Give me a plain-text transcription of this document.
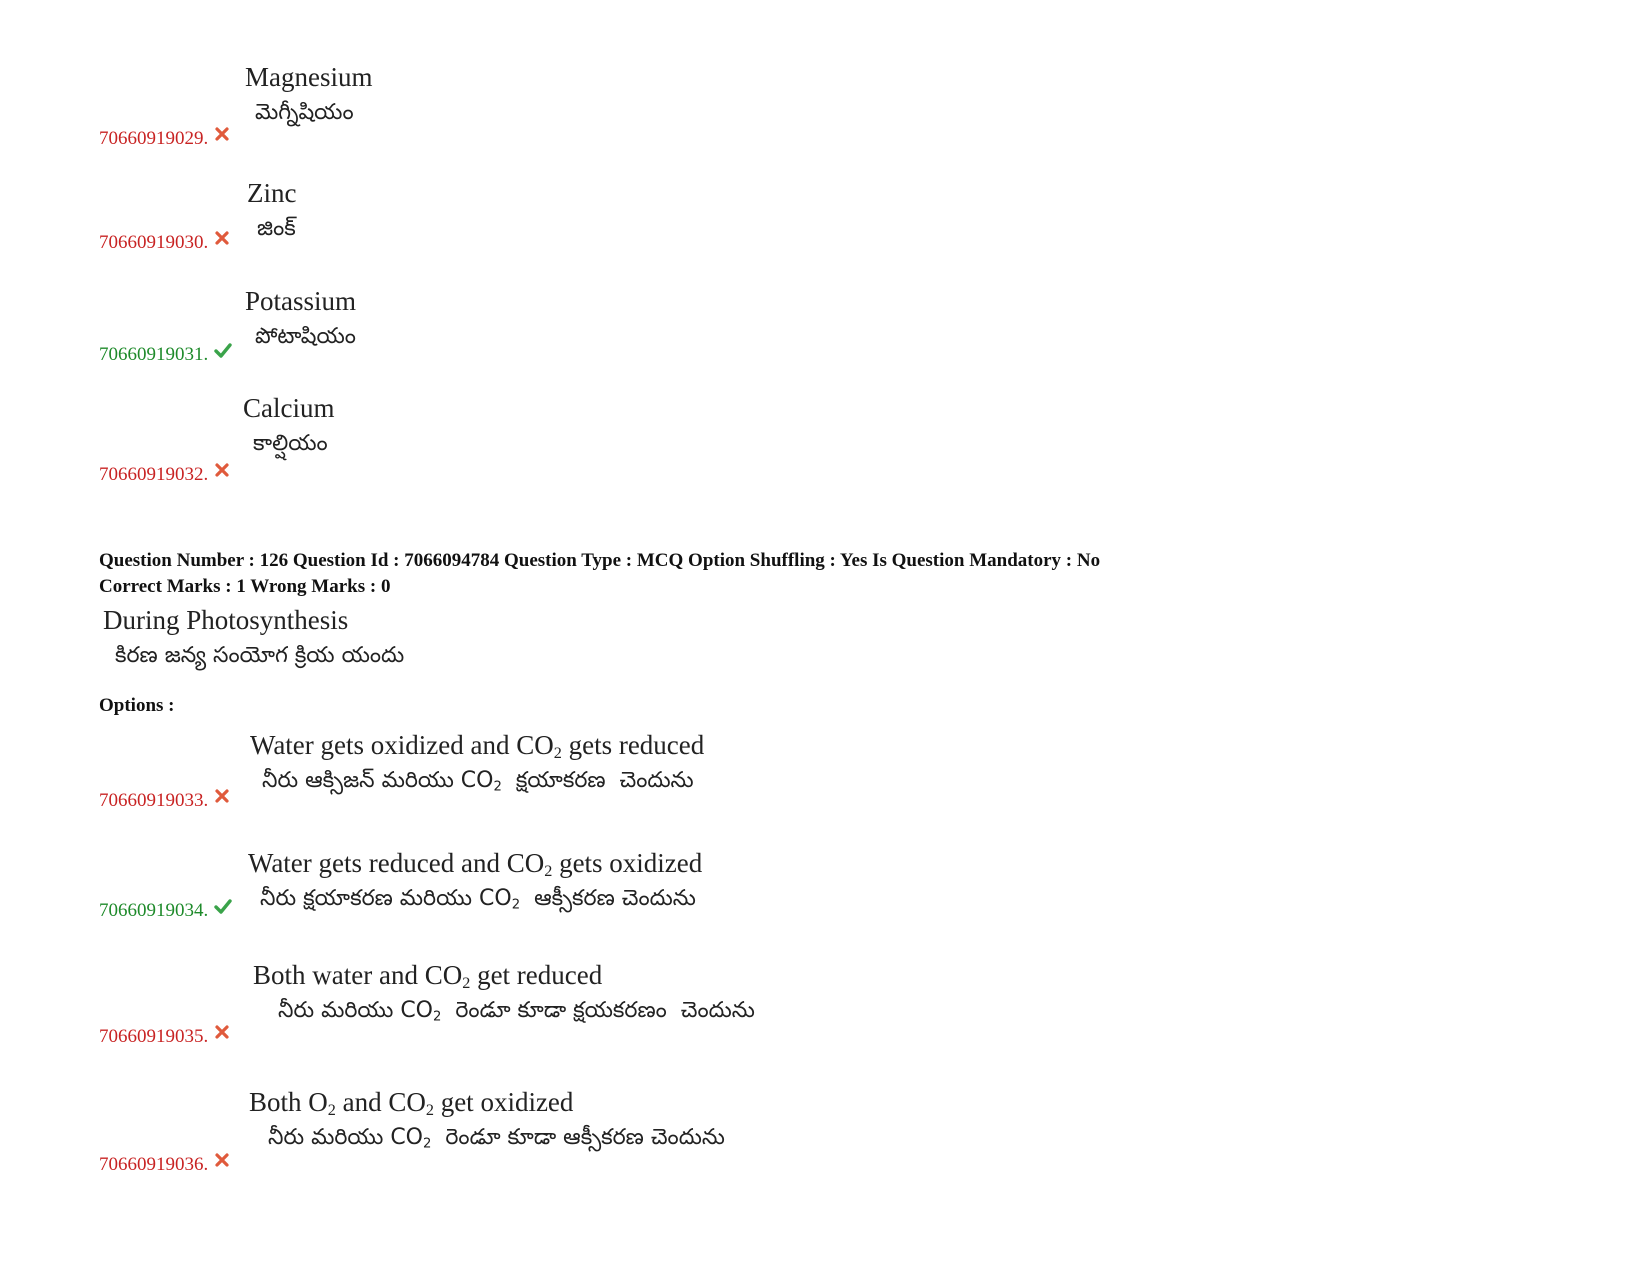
Magnesium
మెగ్నీషియం
70660919029.
Zinc
జింక్
70660919030.
Potassium
పోటాషియం
70660919031.
Calcium
కాల్షియం
70660919032.
Question Number : 126 Question Id : 7066094784 Question Type : MCQ Option Shuffling : Yes Is Question Mandatory : No
Correct Marks : 1 Wrong Marks : 0
During Photosynthesis
కిరణ జన్య సంయోగ క్రియ యందు
Options :
Water gets oxidized and $CO_2$ gets reduced
నీరు ఆక్సిజన్ మరియు $CO_2$  క్షయాకరణ  చెందును
70660919033.
Water gets reduced and $CO_2$ gets oxidized
నీరు క్షయాకరణ మరియు $CO_2$  ఆక్సీకరణ చెందును
70660919034.
Both water and $CO_2$ get reduced
నీరు మరియు $CO_2$  రెండూ కూడా క్షయకరణం  చెందును
70660919035.
Both $O_2$ and $CO_2$ get oxidized
నీరు మరియు $CO_2$  రెండూ కూడా ఆక్సీకరణ చెందును
70660919036.
